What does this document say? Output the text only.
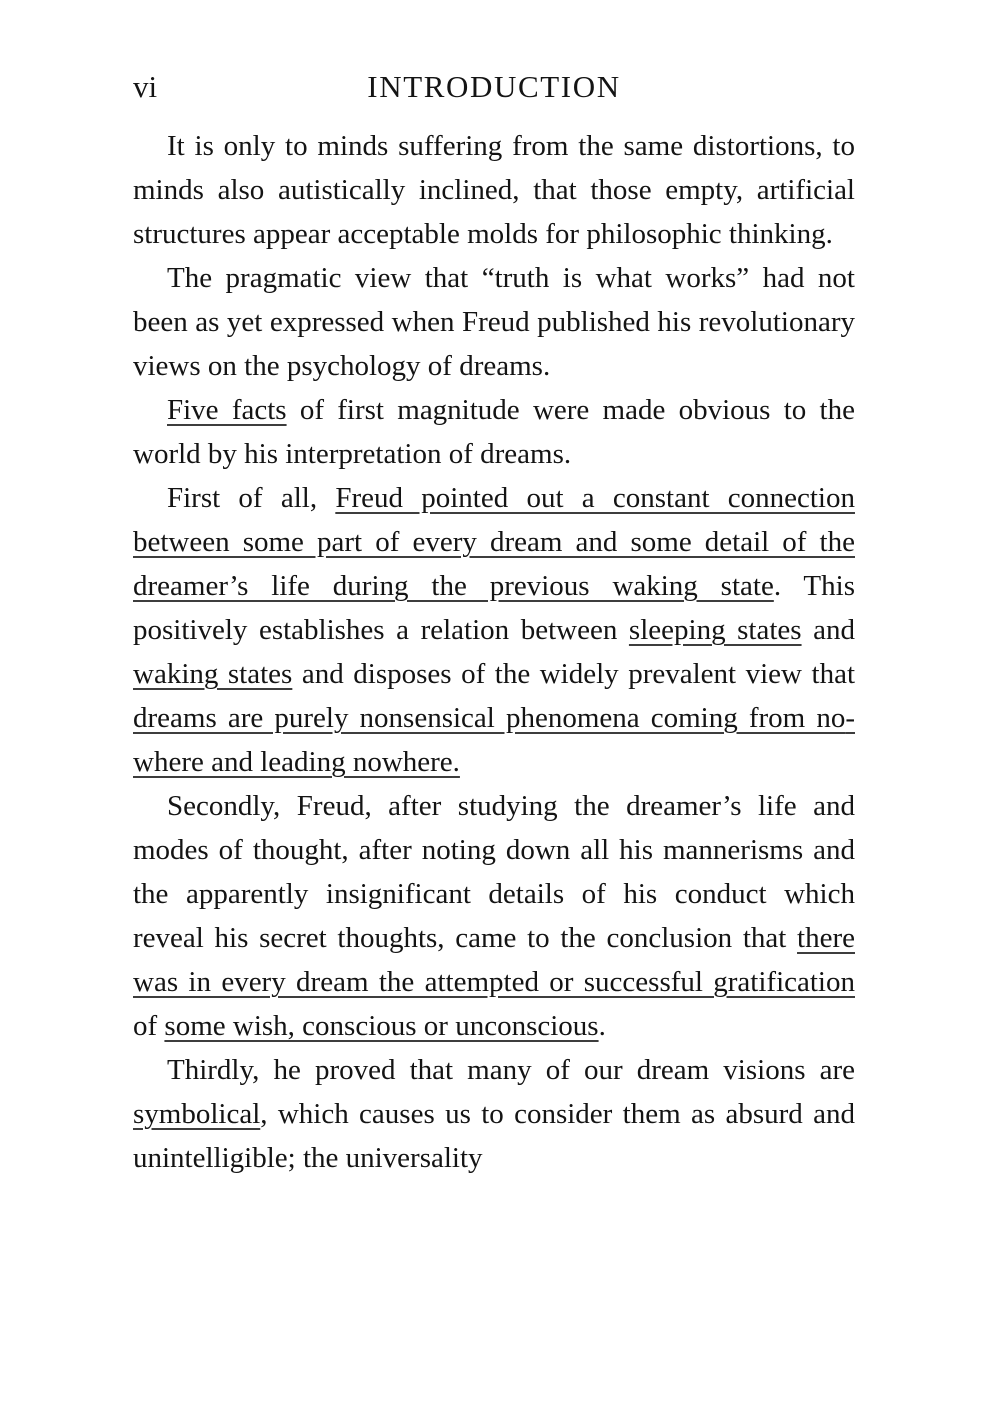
vi	INTRODUCTION

It is only to minds suffering from the same distortions, to minds also autistically inclined, that those empty, artificial structures appear acceptable molds for philosophic thinking.

The pragmatic view that “truth is what works” had not been as yet expressed when Freud published his revolutionary views on the psychology of dreams.

Five facts of first magnitude were made obvious to the world by his interpretation of dreams.

First of all, Freud pointed out a constant connection between some part of every dream and some detail of the dreamer’s life during the previous waking state. This positively establishes a relation between sleeping states and waking states and disposes of the widely prevalent view that dreams are purely nonsensical phenomena coming from nowhere and leading nowhere.

Secondly, Freud, after studying the dreamer’s life and modes of thought, after noting down all his mannerisms and the apparently insignificant details of his conduct which reveal his secret thoughts, came to the conclusion that there was in every dream the attempted or successful gratification of some wish, conscious or unconscious.

Thirdly, he proved that many of our dream visions are symbolical, which causes us to consider them as absurd and unintelligible; the universality
